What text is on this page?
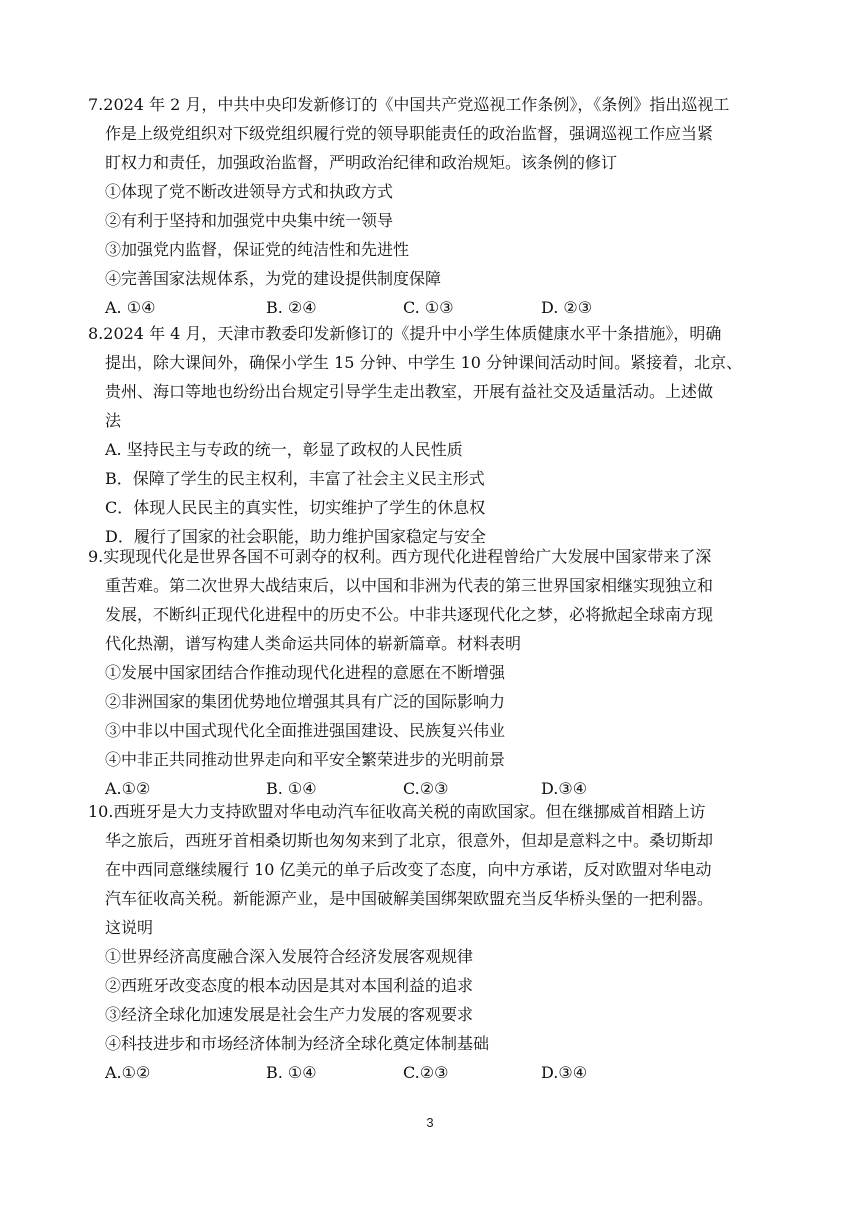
7.2024 年 2 月，中共中央印发新修订的《中国共产党巡视工作条例》，《条例》指出巡视工
作是上级党组织对下级党组织履行党的领导职能责任的政治监督，强调巡视工作应当紧
盯权力和责任，加强政治监督，严明政治纪律和政治规矩。该条例的修订
①体现了党不断改进领导方式和执政方式
②有利于坚持和加强党中央集中统一领导
③加强党内监督，保证党的纯洁性和先进性
④完善国家法规体系，为党的建设提供制度保障
A. ①④	B. ②④	C. ①③	D. ②③
8.2024 年 4 月，天津市教委印发新修订的《提升中小学生体质健康水平十条措施》，明确
提出，除大课间外，确保小学生 15 分钟、中学生 10 分钟课间活动时间。紧接着，北京、
贵州、海口等地也纷纷出台规定引导学生走出教室，开展有益社交及适量活动。上述做
法
A. 坚持民主与专政的统一，彰显了政权的人民性质
B．保障了学生的民主权利，丰富了社会主义民主形式
C．体现人民民主的真实性，切实维护了学生的休息权
D．履行了国家的社会职能，助力维护国家稳定与安全
9.实现现代化是世界各国不可剥夺的权利。西方现代化进程曾给广大发展中国家带来了深
重苦难。第二次世界大战结束后，以中国和非洲为代表的第三世界国家相继实现独立和
发展，不断纠正现代化进程中的历史不公。中非共逐现代化之梦，必将掀起全球南方现
代化热潮，谱写构建人类命运共同体的崭新篇章。材料表明
①发展中国家团结合作推动现代化进程的意愿在不断增强
②非洲国家的集团优势地位增强其具有广泛的国际影响力
③中非以中国式现代化全面推进强国建设、民族复兴伟业
④中非正共同推动世界走向和平安全繁荣进步的光明前景
A.①②	B. ①④	C.②③	D.③④
10.西班牙是大力支持欧盟对华电动汽车征收高关税的南欧国家。但在继挪威首相踏上访
华之旅后，西班牙首相桑切斯也匆匆来到了北京，很意外，但却是意料之中。桑切斯却
在中西同意继续履行 10 亿美元的单子后改变了态度，向中方承诺，反对欧盟对华电动
汽车征收高关税。新能源产业，是中国破解美国绑架欧盟充当反华桥头堡的一把利器。
这说明
①世界经济高度融合深入发展符合经济发展客观规律
②西班牙改变态度的根本动因是其对本国利益的追求
③经济全球化加速发展是社会生产力发展的客观要求
④科技进步和市场经济体制为经济全球化奠定体制基础
A.①②	B. ①④	C.②③	D.③④
3
